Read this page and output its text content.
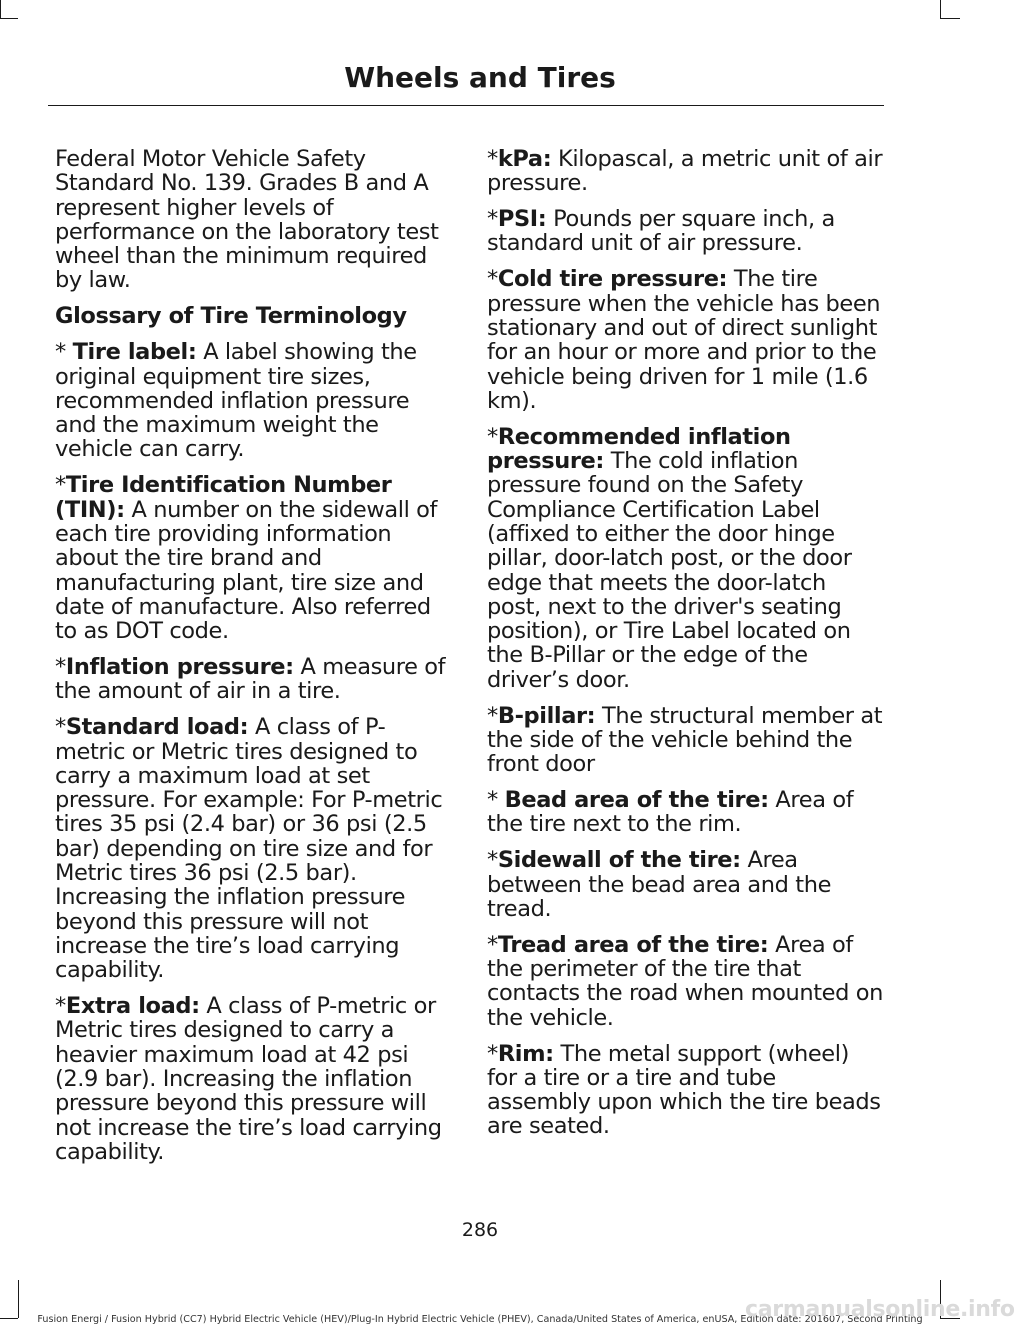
Wheels and Tires

Federal Motor Vehicle Safety Standard No. 139. Grades B and A represent higher levels of performance on the laboratory test wheel than the minimum required by law.

Glossary of Tire Terminology

* Tire label: A label showing the original equipment tire sizes, recommended inflation pressure and the maximum weight the vehicle can carry.

*Tire Identification Number (TIN): A number on the sidewall of each tire providing information about the tire brand and manufacturing plant, tire size and date of manufacture. Also referred to as DOT code.

*Inflation pressure: A measure of the amount of air in a tire.

*Standard load: A class of P-metric or Metric tires designed to carry a maximum load at set pressure. For example: For P-metric tires 35 psi (2.4 bar) or 36 psi (2.5 bar) depending on tire size and for Metric tires 36 psi (2.5 bar). Increasing the inflation pressure beyond this pressure will not increase the tire’s load carrying capability.

*Extra load: A class of P-metric or Metric tires designed to carry a heavier maximum load at 42 psi (2.9 bar). Increasing the inflation pressure beyond this pressure will not increase the tire’s load carrying capability.

*kPa: Kilopascal, a metric unit of air pressure.

*PSI: Pounds per square inch, a standard unit of air pressure.

*Cold tire pressure: The tire pressure when the vehicle has been stationary and out of direct sunlight for an hour or more and prior to the vehicle being driven for 1 mile (1.6 km).

*Recommended inflation pressure: The cold inflation pressure found on the Safety Compliance Certification Label (affixed to either the door hinge pillar, door-latch post, or the door edge that meets the door-latch post, next to the driver's seating position), or Tire Label located on the B-Pillar or the edge of the driver’s door.

*B-pillar: The structural member at the side of the vehicle behind the front door

* Bead area of the tire: Area of the tire next to the rim.

*Sidewall of the tire: Area between the bead area and the tread.

*Tread area of the tire: Area of the perimeter of the tire that contacts the road when mounted on the vehicle.

*Rim: The metal support (wheel) for a tire or a tire and tube assembly upon which the tire beads are seated.

286
Fusion Energi / Fusion Hybrid (CC7) Hybrid Electric Vehicle (HEV)/Plug-In Hybrid Electric Vehicle (PHEV), Canada/United States of America, enUSA, Edition date: 201607, Second Printing
carmanualsonline.info
